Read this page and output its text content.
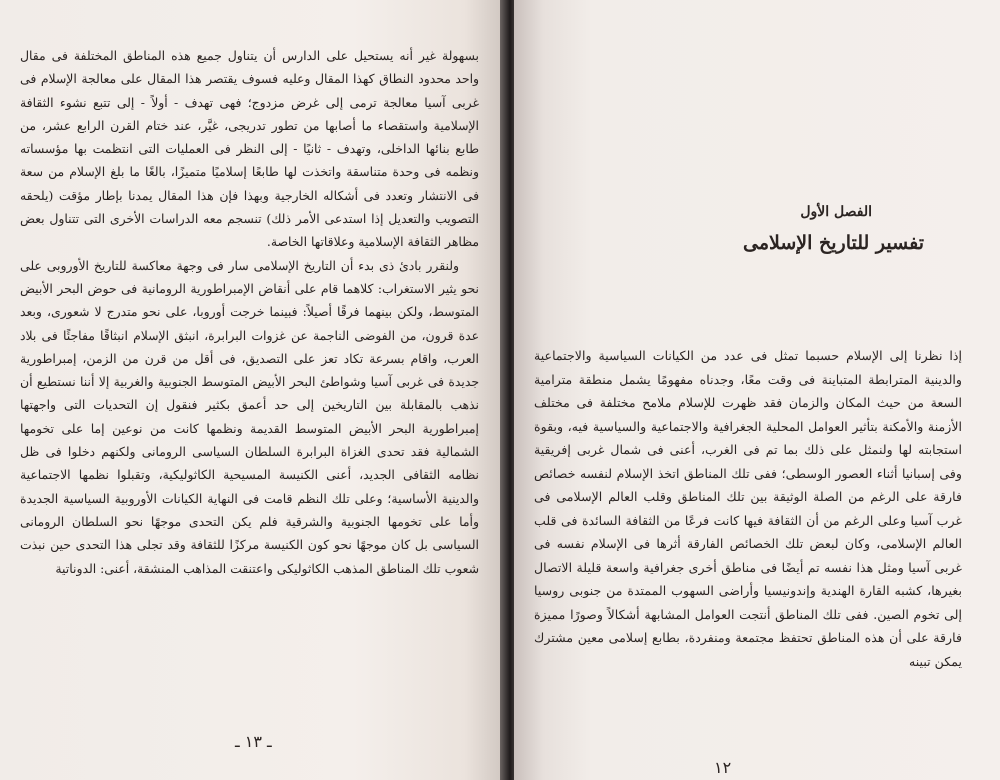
بسهولة غير أنه يستحيل على الدارس أن يتناول جميع هذه المناطق المختلفة فى مقال واحد محدود النطاق كهذا المقال وعليه فسوف يقتصر هذا المقال على معالجة الإسلام فى غربى آسيا معالجة ترمى إلى غرض مزدوج؛ فهى تهدف - أولاً - إلى تتبع نشوء الثقافة الإسلامية واستقصاء ما أصابها من تطور تدريجى، غيَّر، عند ختام القرن الرابع عشر، من طابع بنائها الداخلى، وتهدف - ثانيًا - إلى النظر فى العمليات التى انتظمت بها مؤسساته ونظمه فى وحدة متناسقة واتخذت لها طابعًا إسلاميًا متميزًا، بالغًا ما بلغ الإسلام من سعة فى الانتشار وتعدد فى أشكاله الخارجية وبهذا فإن هذا المقال يمدنا بإطار مؤقت (يلحقه التصويب والتعديل إذا استدعى الأمر ذلك) تنسجم معه الدراسات الأخرى التى تتناول بعض مظاهر الثقافة الإسلامية وعلاقاتها الخاصة.

ولنقرر بادئ ذى بدء أن التاريخ الإسلامى سار فى وجهة معاكسة للتاريخ الأوروبى على نحو يثير الاستغراب: كلاهما قام على أنقاض الإمبراطورية الرومانية فى حوض البحر الأبيض المتوسط، ولكن بينهما فرقًا أصيلاً: فبينما خرجت أوروبا، على نحو متدرج لا شعورى، وبعد عدة قرون، من الفوضى الناجمة عن غزوات البرابرة، انبثق الإسلام انبثاقًا مفاجئًا فى بلاد العرب، واقام بسرعة تكاد تعز على التصديق، فى أقل من قرن من الزمن، إمبراطورية جديدة فى غربى آسيا وشواطئ البحر الأبيض المتوسط الجنوبية والغربية إلا أننا نستطيع أن نذهب بالمقابلة بين التاريخين إلى حد أعمق بكثير فنقول إن التحديات التى واجهتها إمبراطورية البحر الأبيض المتوسط القديمة ونظمها كانت من نوعين إما على تخومها الشمالية فقد تحدى الغزاة البرابرة السلطان السياسى الرومانى ولكنهم دخلوا فى ظل نظامه الثقافى الجديد، أعنى الكنيسة المسيحية الكاثوليكية، وتقبلوا نظمها الاجتماعية والدينية الأساسية؛ وعلى تلك النظم قامت فى النهاية الكيانات الأوروبية السياسية الجديدة وأما على تخومها الجنوبية والشرقية فلم يكن التحدى موجهًا نحو السلطان الرومانى السياسى بل كان موجهًا نحو كون الكنيسة مركزًا للثقافة وقد تجلى هذا التحدى حين نبذت شعوب تلك المناطق المذهب الكاثوليكى واعتنقت المذاهب المنشقة، أعنى: الدوناتية

ـ ١٣ ـ
الفصل الأول
تفسير للتاريخ الإسلامى

إذا نظرنا إلى الإسلام حسبما تمثل فى عدد من الكيانات السياسية والاجتماعية والدينية المترابطة المتباينة فى وقت معًا، وجدناه مفهومًا يشمل منطقة مترامية السعة من حيث المكان والزمان فقد ظهرت للإسلام ملامح مختلفة فى مختلف الأزمنة والأمكنة بتأثير العوامل المحلية الجغرافية والاجتماعية والسياسية فيه، وبقوة استجابته لها ولنمثل على ذلك بما تم فى الغرب، أعنى فى شمال غربى إفريقية وفى إسبانيا أثناء العصور الوسطى؛ ففى تلك المناطق اتخذ الإسلام لنفسه خصائص فارقة على الرغم من الصلة الوثيقة بين تلك المناطق وقلب العالم الإسلامى فى غرب آسيا وعلى الرغم من أن الثقافة فيها كانت فرعًا من الثقافة السائدة فى قلب العالم الإسلامى، وكان لبعض تلك الخصائص الفارقة أثرها فى الإسلام نفسه فى غربى آسيا ومثل هذا نفسه تم أيضًا فى مناطق أخرى جغرافية واسعة قليلة الاتصال بغيرها، كشبه القارة الهندية وإندونيسيا وأراضى السهوب الممتدة من جنوبى روسيا إلى تخوم الصين. ففى تلك المناطق أنتجت العوامل المشابهة أشكالاً وصورًا مميزة فارقة على أن هذه المناطق تحتفظ مجتمعة ومنفردة، بطابع إسلامى معين مشترك يمكن تبينه

١٢
